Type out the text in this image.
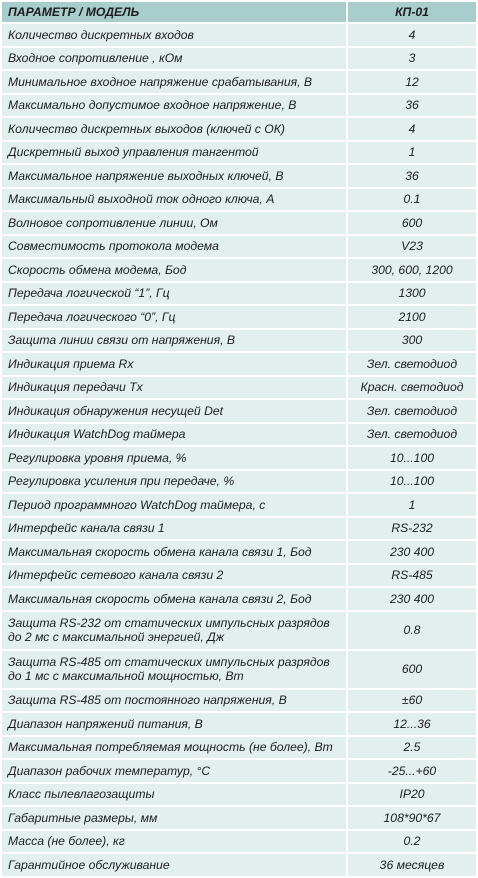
ПАРАМЕТР / МОДЕЛЬ	КП-01
Количество дискретных входов	4
Входное сопротивление , кОм	3
Минимальное входное напряжение срабатывания, В	12
Максимально допустимое входное напряжение, В	36
Количество дискретных выходов (ключей с ОК)	4
Дискретный выход управления тангентой	1
Максимальное напряжение выходных ключей, В	36
Максимальный выходной ток одного ключа, А	0.1
Волновое сопротивление линии, Ом	600
Совместимость протокола модема	V23
Скорость обмена модема, Бод	300, 600, 1200
Передача логической “1”, Гц	1300
Передача логического “0”, Гц	2100
Защита линии связи от напряжения, В	300
Индикация приема Rx	Зел. светодиод
Индикация передачи Tx	Красн. светодиод
Индикация обнаружения несущей Det	Зел. светодиод
Индикация WatchDog таймера	Зел. светодиод
Регулировка уровня приема, %	10...100
Регулировка усиления при передаче, %	10...100
Период программного WatchDog таймера, с	1
Интерфейс канала связи 1	RS-232
Максимальная скорость обмена канала связи 1, Бод	230 400
Интерфейс сетевого канала связи 2	RS-485
Максимальная скорость обмена канала связи 2, Бод	230 400
Защита RS-232 от статических импульсных разрядов
до 2 мс с максимальной энергией, Дж	0.8
Защита RS-485 от статических импульсных разрядов
до 1 мс с максимальной мощностью, Вт	600
Защита RS-485 от постоянного напряжения, В	±60
Диапазон напряжений питания, В	12...36
Максимальная потребляемая мощность (не более), Вт	2.5
Диапазон рабочих температур, °С	-25...+60
Класс пылевлагозащиты	IP20
Габаритные размеры, мм	108*90*67
Масса (не более), кг	0.2
Гарантийное обслуживание	36 месяцев
